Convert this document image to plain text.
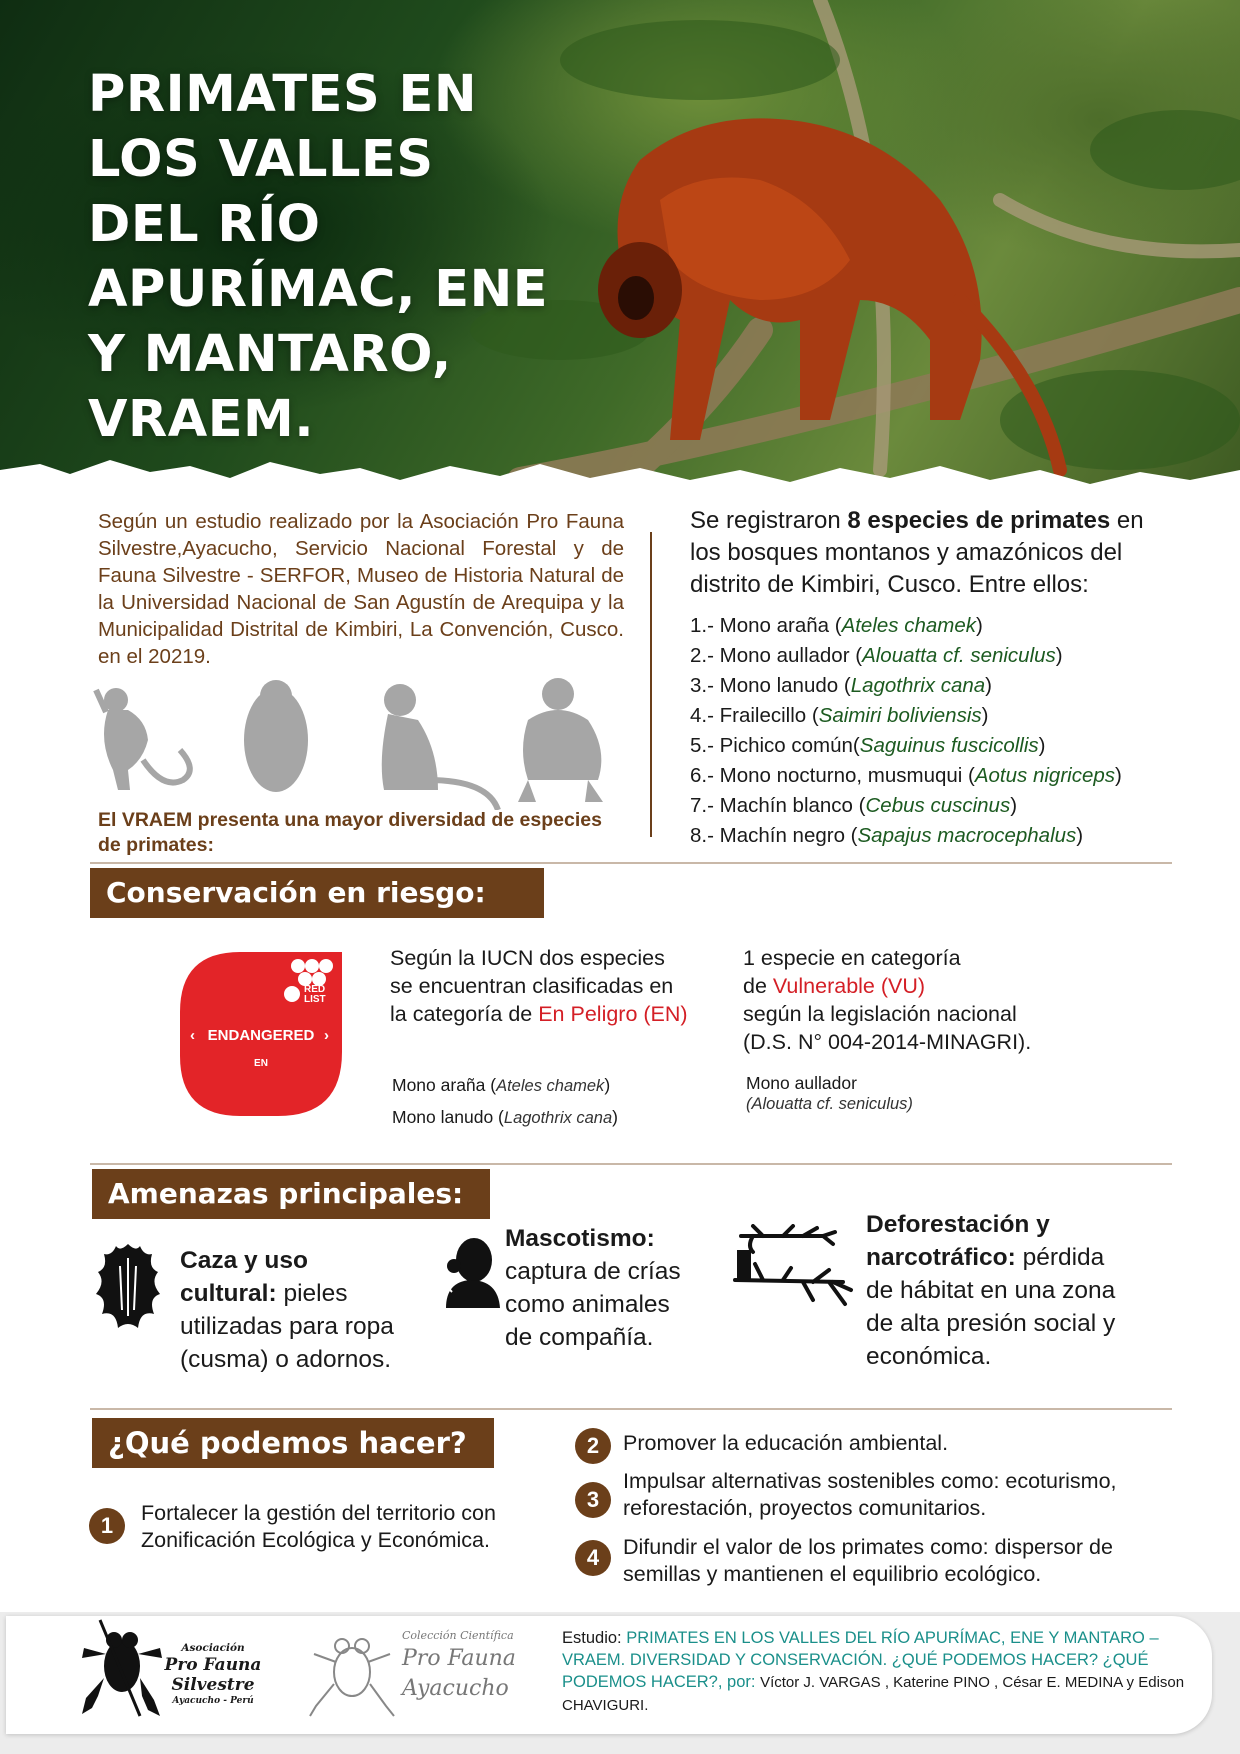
PRIMATES EN
LOS VALLES
DEL RÍO
APURÍMAC, ENE
Y MANTARO,
VRAEM.

Según un estudio realizado por la Asociación Pro Fauna Silvestre,Ayacucho, Servicio Nacional Forestal y de Fauna Silvestre - SERFOR, Museo de Historia Natural de la Universidad Nacional de San Agustín de Arequipa y la Municipalidad Distrital de Kimbiri, La Convención, Cusco. en el 20219.

El VRAEM presenta una mayor diversidad de especies de primates:

Se registraron 8 especies de primates en los bosques montanos y amazónicos del distrito de Kimbiri, Cusco. Entre ellos:

1.- Mono araña (Ateles chamek)
2.- Mono aullador (Alouatta cf. seniculus)
3.- Mono lanudo (Lagothrix cana)
4.- Frailecillo (Saimiri boliviensis)
5.- Pichico común(Saguinus fuscicollis)
6.- Mono nocturno, musmuqui (Aotus nigriceps)
7.- Machín blanco (Cebus cuscinus)
8.- Machín negro (Sapajus macrocephalus)
Conservación en riesgo:
RED
LIST
‹ ENDANGERED ›
EN

Según la IUCN dos especies se encuentran clasificadas en la categoría de En Peligro (EN)

Mono araña (Ateles chamek)

Mono lanudo (Lagothrix cana)

1 especie en categoría
de Vulnerable (VU)
según la legislación nacional
(D.S. N° 004-2014-MINAGRI).
Mono aullador
(Alouatta cf. seniculus)
Amenazas principales:
Caza y uso
cultural: pieles
utilizadas para ropa
(cusma) o adornos.
Mascotismo:
captura de crías
como animales
de compañía.
Deforestación y
narcotráfico: pérdida
de hábitat en una zona
de alta presión social y
económica.
¿Qué podemos hacer?
1	Fortalecer la gestión del territorio con
Zonificación Ecológica y Económica.
2	Promover la educación ambiental.
3
Impulsar alternativas sostenibles como: ecoturismo,
reforestación, proyectos comunitarios.
4	Difundir el valor de los primates como: dispersor de
semillas y mantienen el equilibrio ecológico.
Asociación
Pro Fauna
Silvestre
Ayacucho - Perú
Colección Científica
Pro Fauna
Ayacucho

Estudio: PRIMATES EN LOS VALLES DEL RÍO APURÍMAC, ENE Y MANTARO – VRAEM. DIVERSIDAD Y CONSERVACIÓN. ¿QUÉ PODEMOS HACER? ¿QUÉ PODEMOS HACER?, por: Víctor J. VARGAS , Katerine PINO , César E. MEDINA y Edison CHAVIGURI.
